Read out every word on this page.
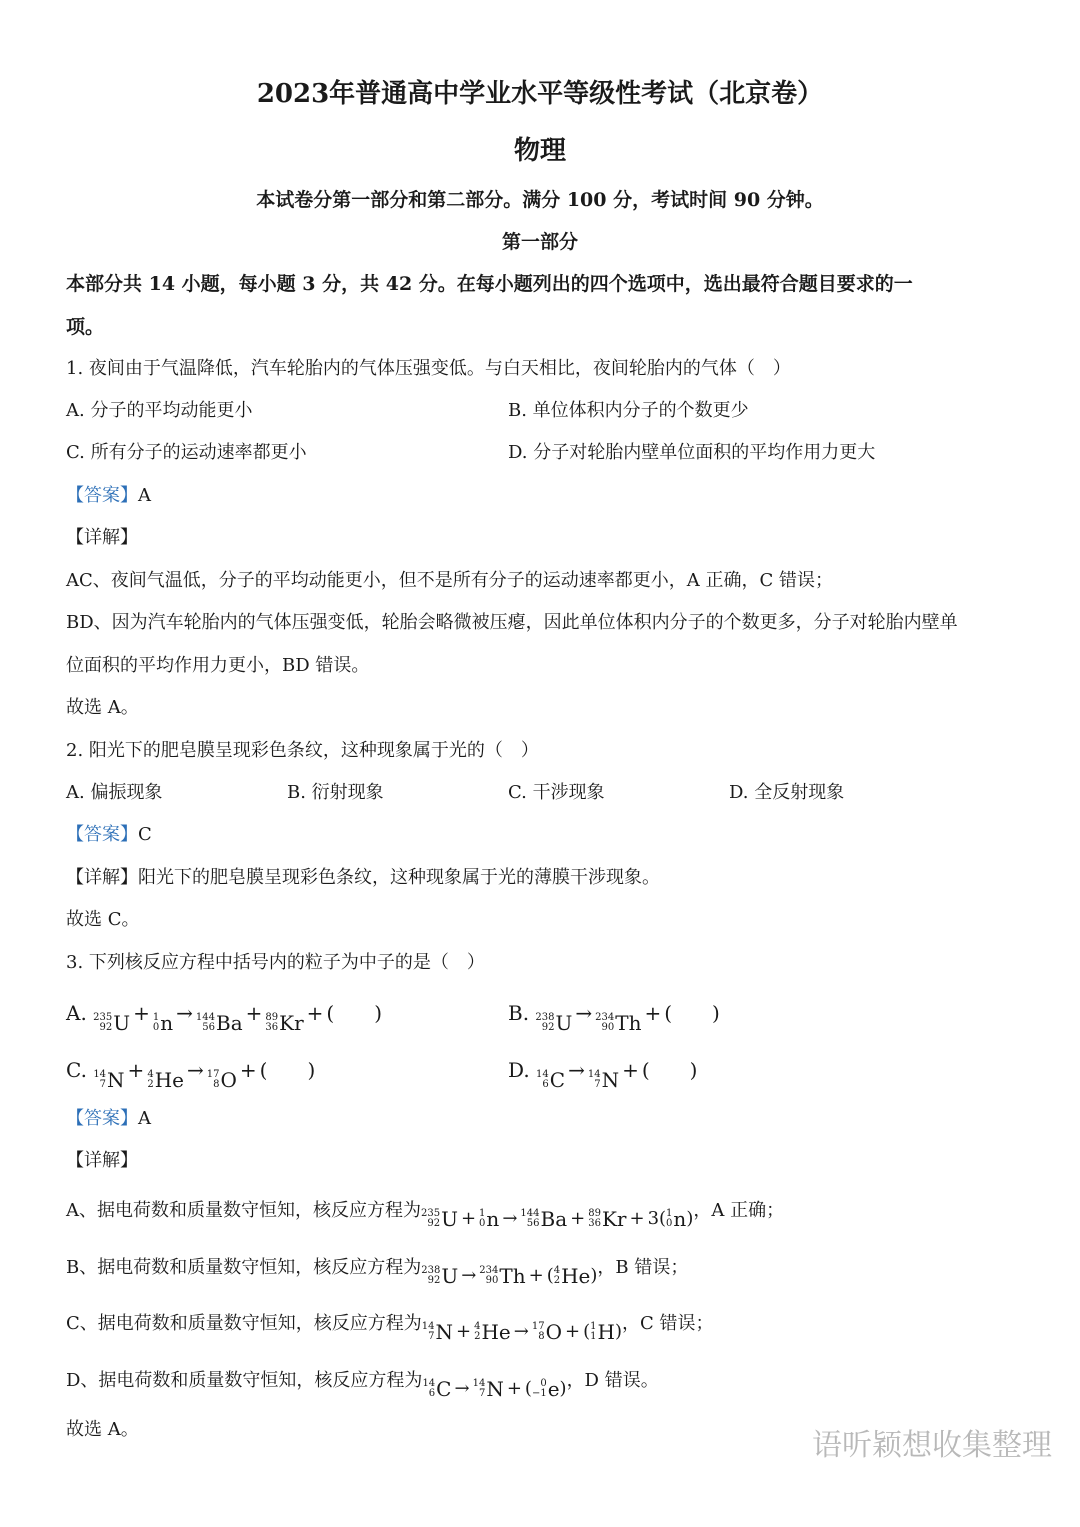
2023年普通高中学业水平等级性考试（北京卷）
物理
本试卷分第一部分和第二部分。满分 100 分，考试时间 90 分钟。
第一部分
本部分共 14 小题，每小题 3 分，共 42 分。在每小题列出的四个选项中，选出最符合题目要求的一
项。
1. 夜间由于气温降低，汽车轮胎内的气体压强变低。与白天相比，夜间轮胎内的气体（　）
A. 分子的平均动能更小	B. 单位体积内分子的个数更少
C. 所有分子的运动速率都更小	D. 分子对轮胎内壁单位面积的平均作用力更大
【答案】A
【详解】
AC、夜间气温低，分子的平均动能更小，但不是所有分子的运动速率都更小，A 正确，C 错误；
BD、因为汽车轮胎内的气体压强变低，轮胎会略微被压瘪，因此单位体积内分子的个数更多，分子对轮胎内壁单
位面积的平均作用力更小，BD 错误。
故选 A。
2. 阳光下的肥皂膜呈现彩色条纹，这种现象属于光的（　）
A. 偏振现象	B. 衍射现象	C. 干涉现象	D. 全反射现象
【答案】C
【详解】阳光下的肥皂膜呈现彩色条纹，这种现象属于光的薄膜干涉现象。
故选 C。
3. 下列核反应方程中括号内的粒子为中子的是（　）
A. 235
92 U + 1
0 n → 144
56 Ba + 89
36 Kr + (　　)	B. 238
92 U → 234
90 Th + (　　)
C. 14
7 N + 4
2 He → 17
8 O + (　　)	D. 14
6 C → 14
7 N + (　　)
【答案】A
【详解】
A、据电荷数和质量数守恒知，核反应方程为 235
92 U + 1
0 n → 144
56 Ba + 89
36 Kr + 3( 1
0 n ) ，A 正确；
B、据电荷数和质量数守恒知，核反应方程为 238
92 U → 234
90 Th + ( 4
2 He ) ，B 错误；
C、据电荷数和质量数守恒知，核反应方程为 14
7 N + 4
2 He → 17
8 O + ( 1
1 H ) ，C 错误；
D、据电荷数和质量数守恒知，核反应方程为 14
6 C → 14
7 N + ( 0
−1 e ) ，D 错误。
故选 A。	语听颖想收集整理
